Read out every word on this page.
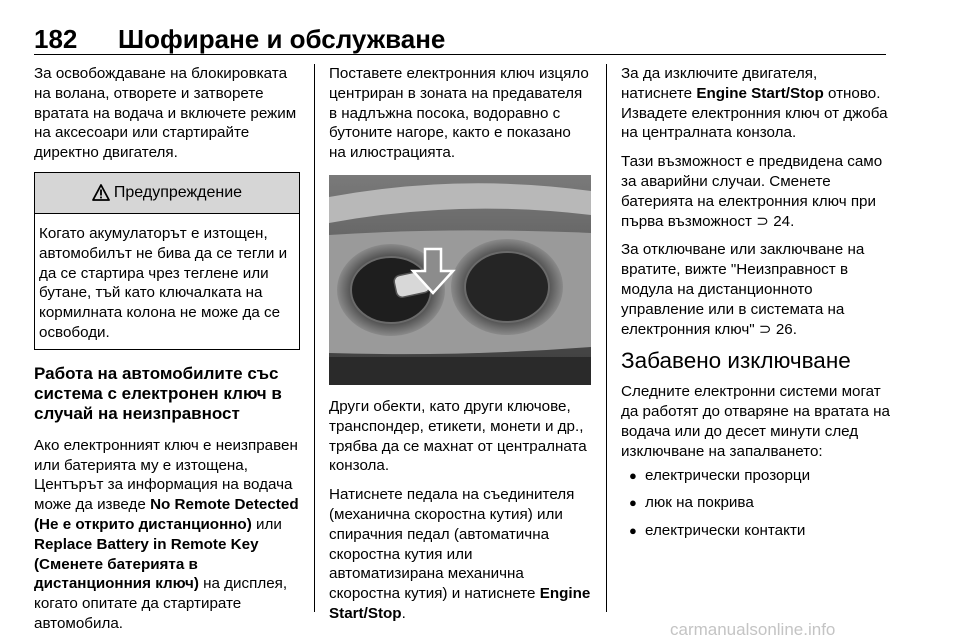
182 Шофиране и обслужване

За освобождаване на блокировката на волана, отворете и затворете вратата на водача и включете режим на аксесоари или стартирайте директно двигателя.

Предупреждение
Когато акумулаторът е изтощен, автомобилът не бива да се тегли и да се стартира чрез теглене или бутане, тъй като ключалката на кормилната колона не може да се освободи.
Работа на автомобилите със система с електронен ключ в случай на неизправност

Ако електронният ключ е неизправен или батерията му е изтощена, Центърът за информация на водача може да изведе No Remote Detected (Не е открито дистанционно) или Replace Battery in Remote Key (Сменете батерията в дистанционния ключ) на дисплея, когато опитате да стартирате автомобила.

Поставете електронния ключ изцяло центриран в зоната на предавателя в надлъжна посока, водоравно с бутоните нагоре, както е показано на илюстрацията.

Други обекти, като други ключове, транспондер, етикети, монети и др., трябва да се махнат от централната конзола.

Натиснете педала на съединителя (механична скоростна кутия) или спирачния педал (автоматична скоростна кутия или автоматизирана механична скоростна кутия) и натиснете Engine Start/Stop.

За да изключите двигателя, натиснете Engine Start/Stop отново. Извадете електронния ключ от джоба на централната конзола.

Тази възможност е предвидена само за аварийни случаи. Сменете батерията на електронния ключ при първа възможност ⊃ 24.

За отключване или заключване на вратите, вижте "Неизправност в модула на дистанционното управление или в системата на електронния ключ" ⊃ 26.

Забавено изключване

Следните електронни системи могат да работят до отваряне на вратата на водача или до десет минути след изключване на запалването:

● електрически прозорци
● люк на покрива
● електрически контакти
carmanualsonline.info
